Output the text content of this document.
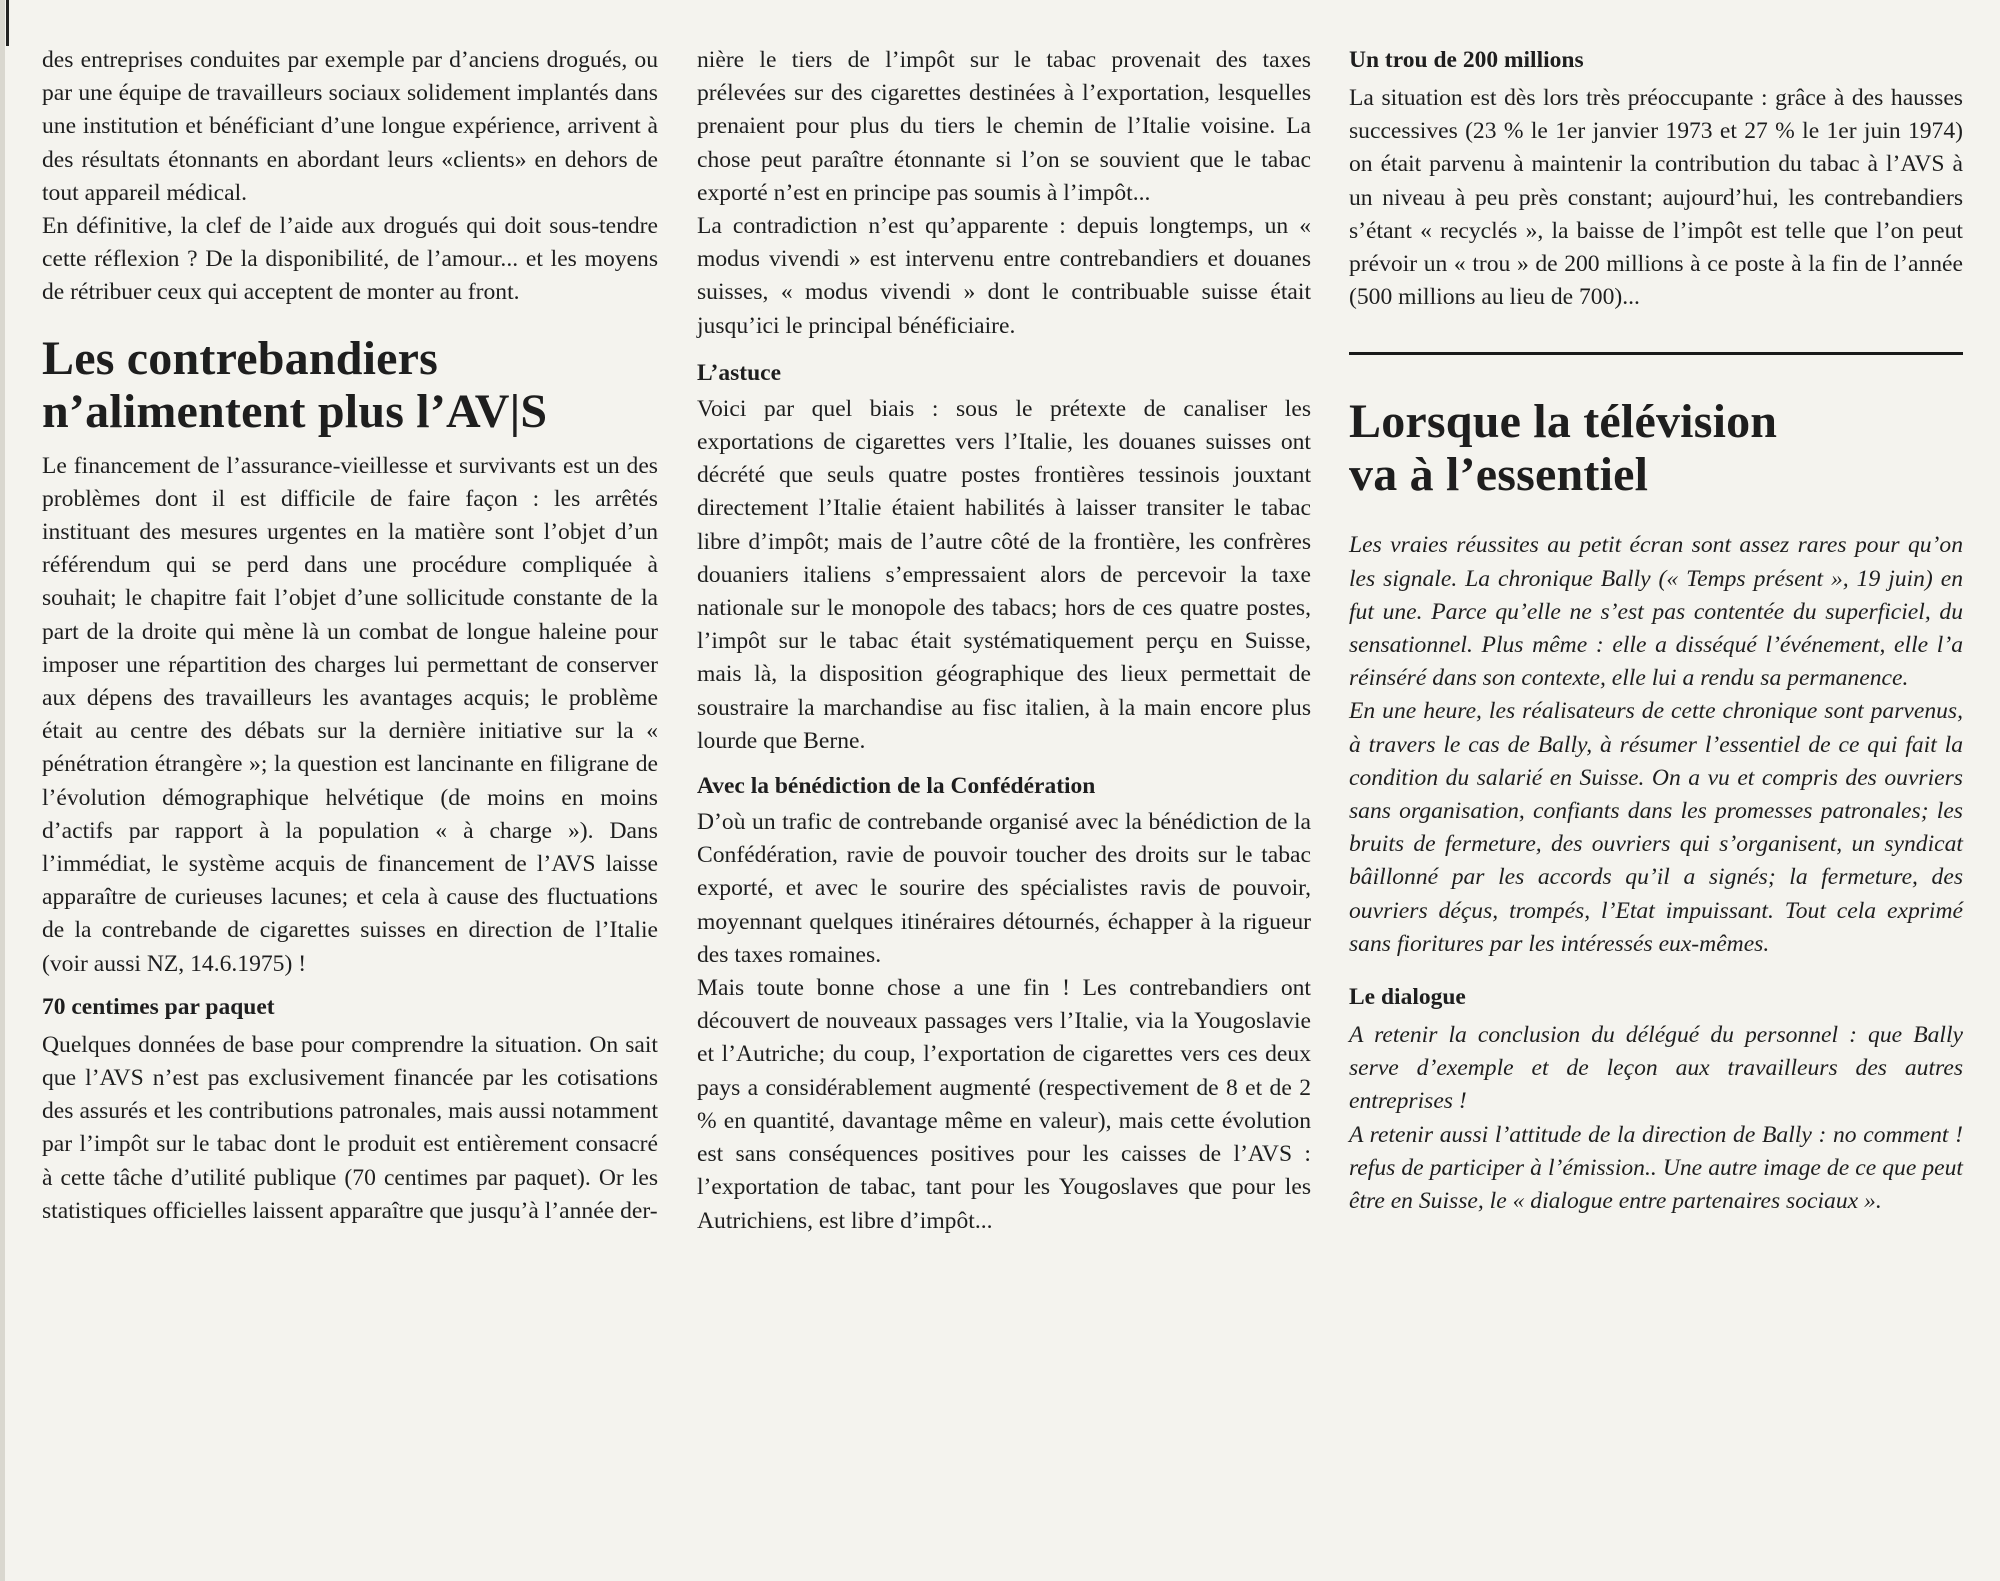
des entreprises conduites par exemple par d’anciens drogués, ou par une équipe de travailleurs sociaux solidement implantés dans une institution et bénéficiant d’une longue expérience, arrivent à des résultats étonnants en abordant leurs «clients» en dehors de tout appareil médical.

En définitive, la clef de l’aide aux drogués qui doit sous-tendre cette réflexion ? De la disponibilité, de l’amour... et les moyens de rétribuer ceux qui acceptent de monter au front.

Les contrebandiers
n’alimentent plus l’AV|S

Le financement de l’assurance-vieillesse et survivants est un des problèmes dont il est difficile de faire façon : les arrêtés instituant des mesures urgentes en la matière sont l’objet d’un référendum qui se perd dans une procédure compliquée à souhait; le chapitre fait l’objet d’une sollicitude constante de la part de la droite qui mène là un combat de longue haleine pour imposer une répartition des charges lui permettant de conserver aux dépens des travailleurs les avantages acquis; le problème était au centre des débats sur la dernière initiative sur la « pénétration étrangère »; la question est lancinante en filigrane de l’évolution démographique helvétique (de moins en moins d’actifs par rapport à la population « à charge »). Dans l’immédiat, le système acquis de financement de l’AVS laisse apparaître de curieuses lacunes; et cela à cause des fluctuations de la contrebande de cigarettes suisses en direction de l’Italie (voir aussi NZ, 14.6.1975) !

70 centimes par paquet

Quelques données de base pour comprendre la situation. On sait que l’AVS n’est pas exclusivement financée par les cotisations des assurés et les contributions patronales, mais aussi notamment par l’impôt sur le tabac dont le produit est entièrement consacré à cette tâche d’utilité publique (70 centimes par paquet). Or les statistiques officielles laissent apparaître que jusqu’à l’année der-

nière le tiers de l’impôt sur le tabac provenait des taxes prélevées sur des cigarettes destinées à l’exportation, lesquelles prenaient pour plus du tiers le chemin de l’Italie voisine. La chose peut paraître étonnante si l’on se souvient que le tabac exporté n’est en principe pas soumis à l’impôt...

La contradiction n’est qu’apparente : depuis longtemps, un « modus vivendi » est intervenu entre contrebandiers et douanes suisses, « modus vivendi » dont le contribuable suisse était jusqu’ici le principal bénéficiaire.

L’astuce

Voici par quel biais : sous le prétexte de canaliser les exportations de cigarettes vers l’Italie, les douanes suisses ont décrété que seuls quatre postes frontières tessinois jouxtant directement l’Italie étaient habilités à laisser transiter le tabac libre d’impôt; mais de l’autre côté de la frontière, les confrères douaniers italiens s’empressaient alors de percevoir la taxe nationale sur le monopole des tabacs; hors de ces quatre postes, l’impôt sur le tabac était systématiquement perçu en Suisse, mais là, la disposition géographique des lieux permettait de soustraire la marchandise au fisc italien, à la main encore plus lourde que Berne.

Avec la bénédiction de la Confédération

D’où un trafic de contrebande organisé avec la bénédiction de la Confédération, ravie de pouvoir toucher des droits sur le tabac exporté, et avec le sourire des spécialistes ravis de pouvoir, moyennant quelques itinéraires détournés, échapper à la rigueur des taxes romaines.

Mais toute bonne chose a une fin ! Les contrebandiers ont découvert de nouveaux passages vers l’Italie, via la Yougoslavie et l’Autriche; du coup, l’exportation de cigarettes vers ces deux pays a considérablement augmenté (respectivement de 8 et de 2 % en quantité, davantage même en valeur), mais cette évolution est sans conséquences positives pour les caisses de l’AVS : l’exportation de tabac, tant pour les Yougoslaves que pour les Autrichiens, est libre d’impôt...

Un trou de 200 millions

La situation est dès lors très préoccupante : grâce à des hausses successives (23 % le 1er janvier 1973 et 27 % le 1er juin 1974) on était parvenu à maintenir la contribution du tabac à l’AVS à un niveau à peu près constant; aujourd’hui, les contrebandiers s’étant « recyclés », la baisse de l’impôt est telle que l’on peut prévoir un « trou » de 200 millions à ce poste à la fin de l’année (500 millions au lieu de 700)...

Lorsque la télévision
va à l’essentiel

Les vraies réussites au petit écran sont assez rares pour qu’on les signale. La chronique Bally (« Temps présent », 19 juin) en fut une. Parce qu’elle ne s’est pas contentée du superficiel, du sensationnel. Plus même : elle a disséqué l’événement, elle l’a réinséré dans son contexte, elle lui a rendu sa permanence.

En une heure, les réalisateurs de cette chronique sont parvenus, à travers le cas de Bally, à résumer l’essentiel de ce qui fait la condition du salarié en Suisse. On a vu et compris des ouvriers sans organisation, confiants dans les promesses patronales; les bruits de fermeture, des ouvriers qui s’organisent, un syndicat bâillonné par les accords qu’il a signés; la fermeture, des ouvriers déçus, trompés, l’Etat impuissant. Tout cela exprimé sans fioritures par les intéressés eux-mêmes.

Le dialogue

A retenir la conclusion du délégué du personnel : que Bally serve d’exemple et de leçon aux travailleurs des autres entreprises !

A retenir aussi l’attitude de la direction de Bally : no comment ! refus de participer à l’émission.. Une autre image de ce que peut être en Suisse, le « dialogue entre partenaires sociaux ».
